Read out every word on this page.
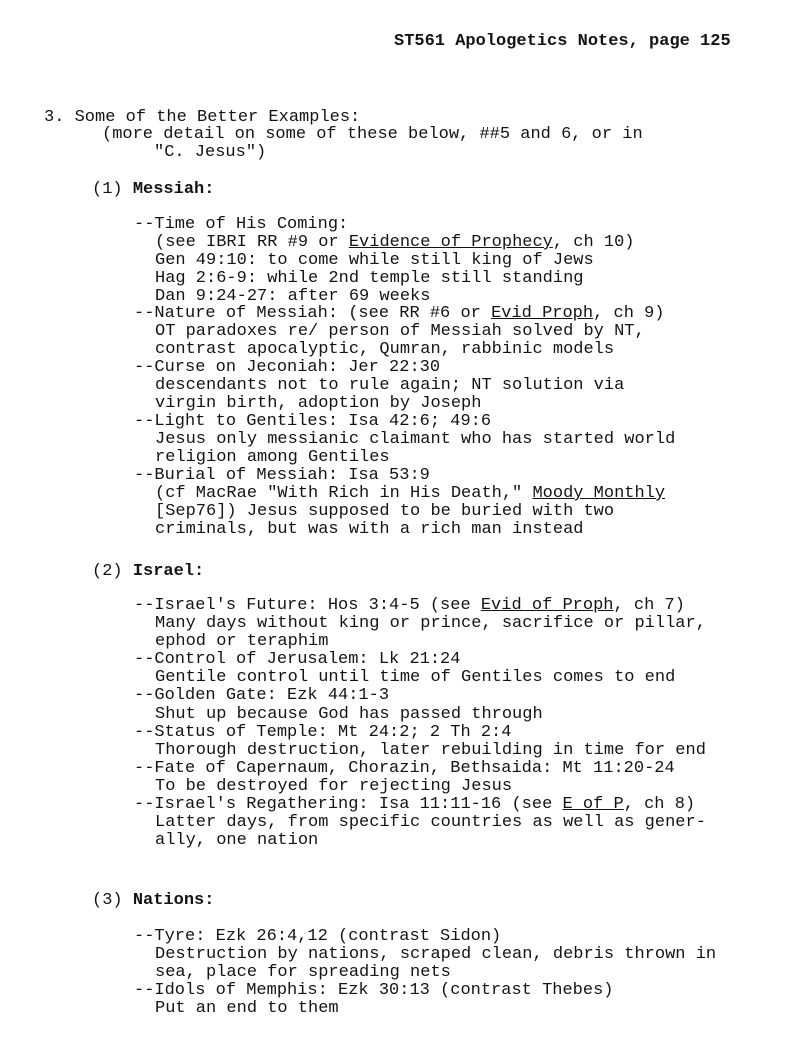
ST561 Apologetics Notes, page 125
3. Some of the Better Examples:
(more detail on some of these below, ##5 and 6, or in
"C. Jesus")
(1) Messiah:
--Time of His Coming:
(see IBRI RR #9 or Evidence of Prophecy, ch 10)
Gen 49:10: to come while still king of Jews
Hag 2:6-9: while 2nd temple still standing
Dan 9:24-27: after 69 weeks
--Nature of Messiah: (see RR #6 or Evid Proph, ch 9)
OT paradoxes re/ person of Messiah solved by NT,
contrast apocalyptic, Qumran, rabbinic models
--Curse on Jeconiah: Jer 22:30
descendants not to rule again; NT solution via
virgin birth, adoption by Joseph
--Light to Gentiles: Isa 42:6; 49:6
Jesus only messianic claimant who has started world
religion among Gentiles
--Burial of Messiah: Isa 53:9
(cf MacRae "With Rich in His Death," Moody Monthly
[Sep76]) Jesus supposed to be buried with two
criminals, but was with a rich man instead
(2) Israel:
--Israel's Future: Hos 3:4-5 (see Evid of Proph, ch 7)
Many days without king or prince, sacrifice or pillar,
ephod or teraphim
--Control of Jerusalem: Lk 21:24
Gentile control until time of Gentiles comes to end
--Golden Gate: Ezk 44:1-3
Shut up because God has passed through
--Status of Temple: Mt 24:2; 2 Th 2:4
Thorough destruction, later rebuilding in time for end
--Fate of Capernaum, Chorazin, Bethsaida: Mt 11:20-24
To be destroyed for rejecting Jesus
--Israel's Regathering: Isa 11:11-16 (see E of P, ch 8)
Latter days, from specific countries as well as gener-
ally, one nation
(3) Nations:
--Tyre: Ezk 26:4,12 (contrast Sidon)
Destruction by nations, scraped clean, debris thrown in
sea, place for spreading nets
--Idols of Memphis: Ezk 30:13 (contrast Thebes)
Put an end to them
